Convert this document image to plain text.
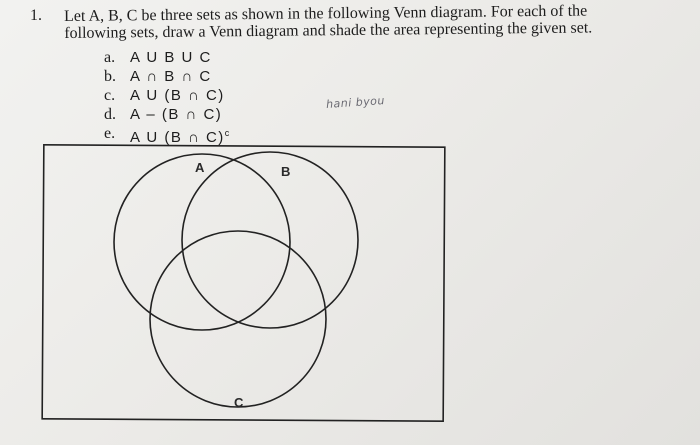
1. Let A, B, C be three sets as shown in the following Venn diagram. For each of the
following sets, draw a Venn diagram and shade the area representing the given set.
a. A U B U C
b. A ∩ B ∩ C
c. A U (B ∩ C)
d. A – (B ∩ C)
e. A U (B ∩ C)$^c$
hani byou
A	B
C
